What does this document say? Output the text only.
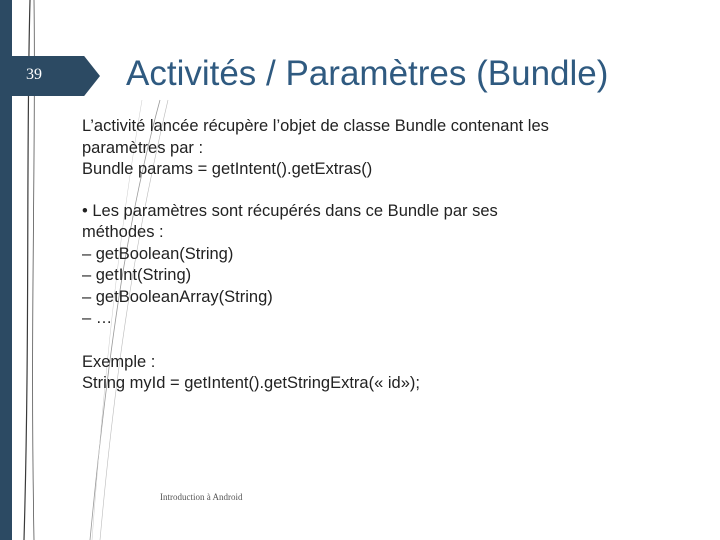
39	Activités / Paramètres (Bundle)
L’activité lancée récupère l’objet de classe Bundle contenant les
paramètres par :
Bundle params = getIntent().getExtras()
• Les paramètres sont récupérés dans ce Bundle par ses
méthodes :
– getBoolean(String)
– getInt(String)
– getBooleanArray(String)
– …
Exemple :
String myId = getIntent().getStringExtra(« id»);
Introduction à Android
